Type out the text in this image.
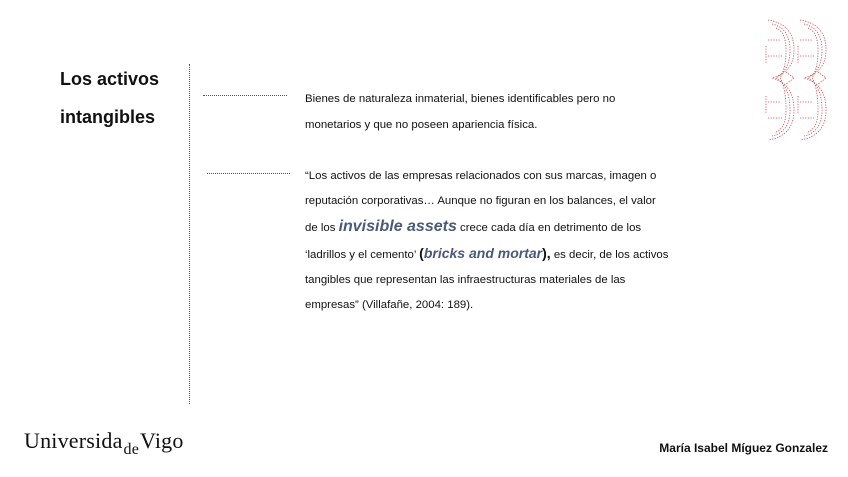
Los activos
intangibles
Bienes de naturaleza inmaterial, bienes identificables pero no
monetarios y que no poseen apariencia física.
“Los activos de las empresas relacionados con sus marcas, imagen o
reputación corporativas… Aunque no figuran en los balances, el valor
de los invisible assets crece cada día en detrimento de los
‘ladrillos y el cemento’ (bricks and mortar), es decir, de los activos
tangibles que representan las infraestructuras materiales de las
empresas” (Villafañe, 2004: 189).
Universida$_{de}$Vigo	María Isabel Míguez Gonzalez
